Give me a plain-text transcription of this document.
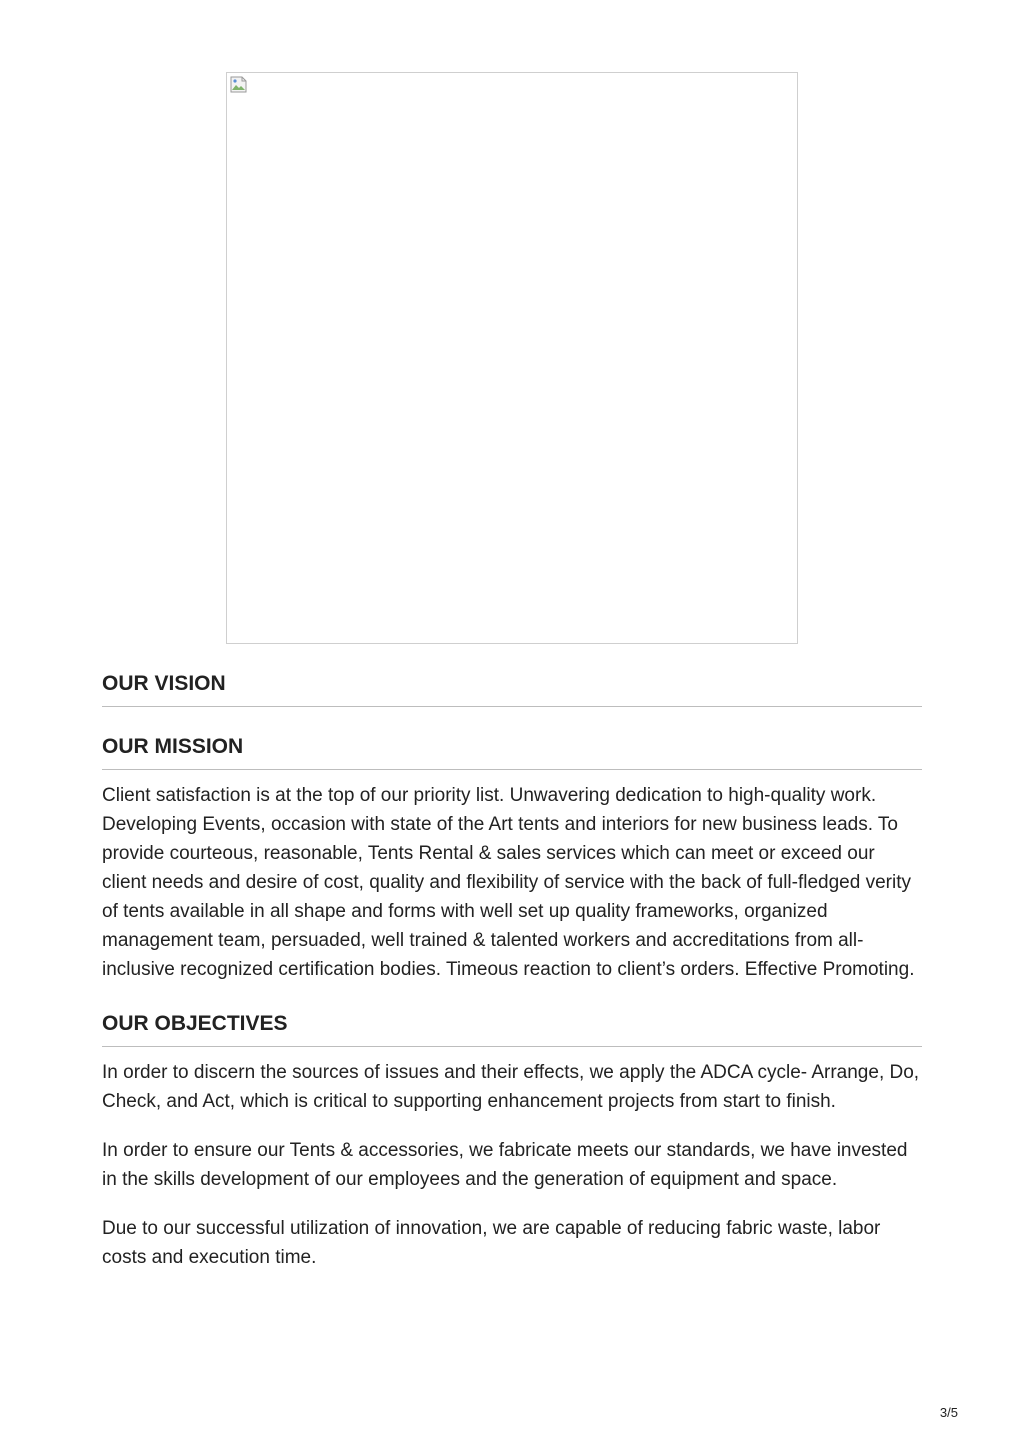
OUR VISION
OUR MISSION

Client satisfaction is at the top of our priority list. Unwavering dedication to high-quality work. Developing Events, occasion with state of the Art tents and interiors for new business leads. To provide courteous, reasonable, Tents Rental & sales services which can meet or exceed our client needs and desire of cost, quality and flexibility of service with the back of full-fledged verity of tents available in all shape and forms with well set up quality frameworks, organized management team, persuaded, well trained & talented workers and accreditations from all-inclusive recognized certification bodies. Timeous reaction to client’s orders. Effective Promoting.

OUR OBJECTIVES

In order to discern the sources of issues and their effects, we apply the ADCA cycle- Arrange, Do, Check, and Act, which is critical to supporting enhancement projects from start to finish.

In order to ensure our Tents & accessories, we fabricate meets our standards, we have invested in the skills development of our employees and the generation of equipment and space.

Due to our successful utilization of innovation, we are capable of reducing fabric waste, labor costs and execution time.

3/5
